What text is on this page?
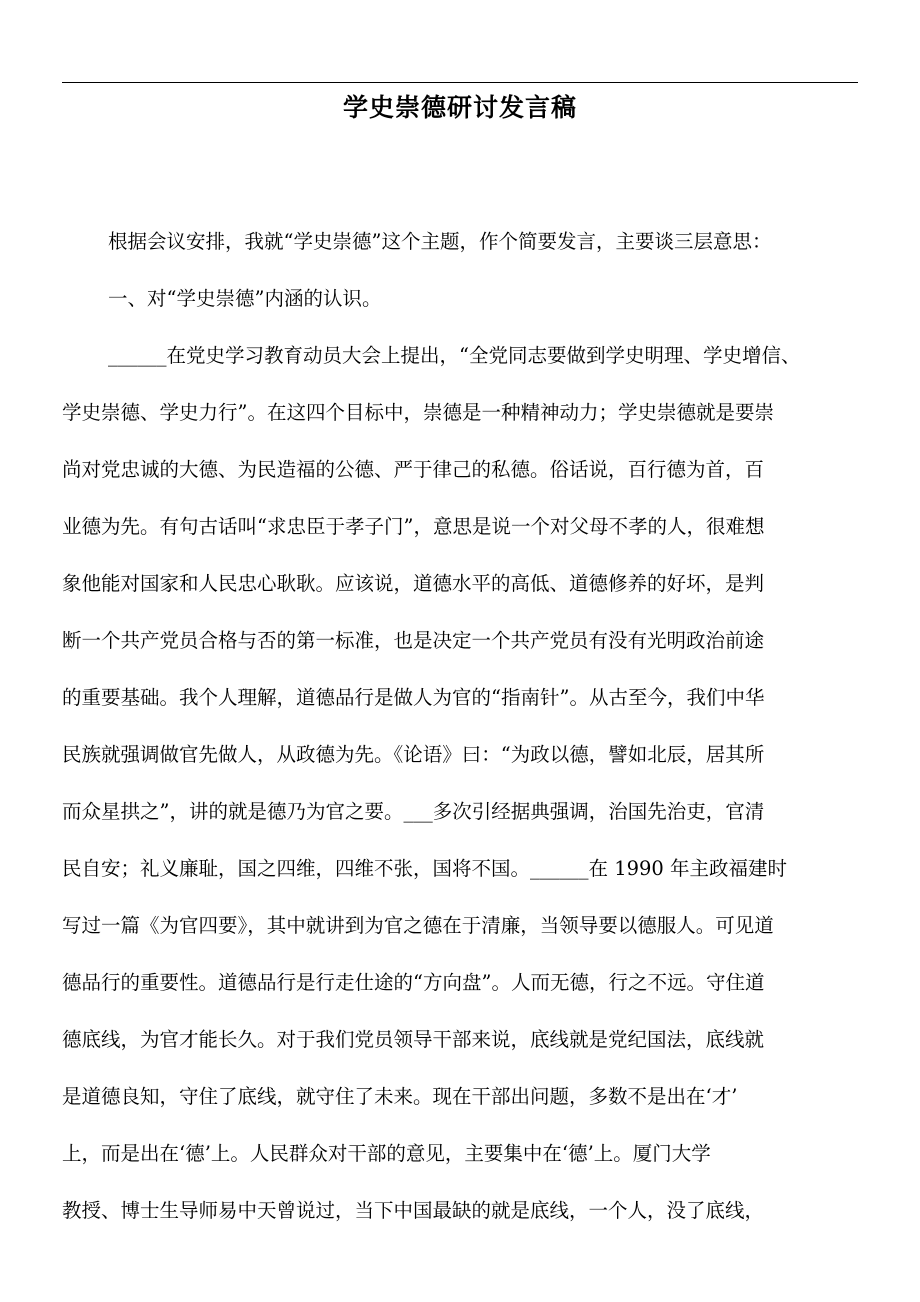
学史崇德研讨发言稿
根据会议安排，我就“学史崇德”这个主题，作个简要发言，主要谈三层意思：
一、对“学史崇德”内涵的认识。
______在党史学习教育动员大会上提出，“全党同志要做到学史明理、学史增信、
学史崇德、学史力行”。在这四个目标中，崇德是一种精神动力；学史崇德就是要崇
尚对党忠诚的大德、为民造福的公德、严于律己的私德。俗话说，百行德为首，百
业德为先。有句古话叫“求忠臣于孝子门”，意思是说一个对父母不孝的人，很难想
象他能对国家和人民忠心耿耿。应该说，道德水平的高低、道德修养的好坏，是判
断一个共产党员合格与否的第一标准，也是决定一个共产党员有没有光明政治前途
的重要基础。我个人理解，道德品行是做人为官的“指南针”。从古至今，我们中华
民族就强调做官先做人，从政德为先。《论语》曰：“为政以德，譬如北辰，居其所
而众星拱之”，讲的就是德乃为官之要。___多次引经据典强调，治国先治吏，官清
民自安；礼义廉耻，国之四维，四维不张，国将不国。______在 1990 年主政福建时
写过一篇《为官四要》，其中就讲到为官之德在于清廉，当领导要以德服人。可见道
德品行的重要性。道德品行是行走仕途的“方向盘”。人而无德，行之不远。守住道
德底线，为官才能长久。对于我们党员领导干部来说，底线就是党纪国法，底线就
是道德良知，守住了底线，就守住了未来。现在干部出问题，多数不是出在‘才’
上，而是出在‘德’上。人民群众对干部的意见，主要集中在‘德’上。厦门大学
教授、博士生导师易中天曾说过，当下中国最缺的就是底线，一个人，没了底线，
